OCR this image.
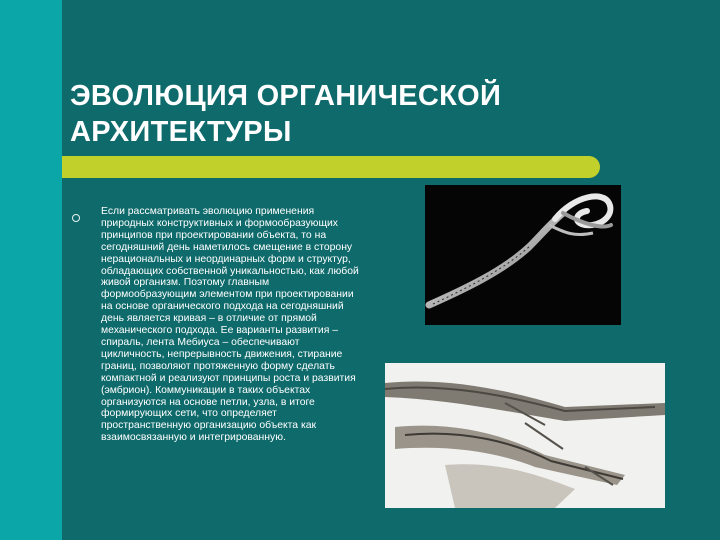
ЭВОЛЮЦИЯ ОРГАНИЧЕСКОЙ
АРХИТЕКТУРЫ

Если рассматривать эволюцию применения природных конструктивных и формообразующих принципов при проектировании объекта, то на сегодняшний день наметилось смещение в сторону нерациональных и неординарных форм и структур, обладающих собственной уникальностью, как любой живой организм. Поэтому главным формообразующим элементом при проектировании на основе органического подхода на сегодняшний день является кривая – в отличие от прямой механического подхода. Ее варианты развития – спираль, лента Мебиуса – обеспечивают цикличность, непрерывность движения, стирание границ, позволяют протяженную форму сделать компактной и реализуют принципы роста и развития (эмбрион). Коммуникации в таких объектах организуются на основе петли, узла, в итоге формирующих сети, что определяет пространственную организацию объекта как взаимосвязанную и интегрированную.
